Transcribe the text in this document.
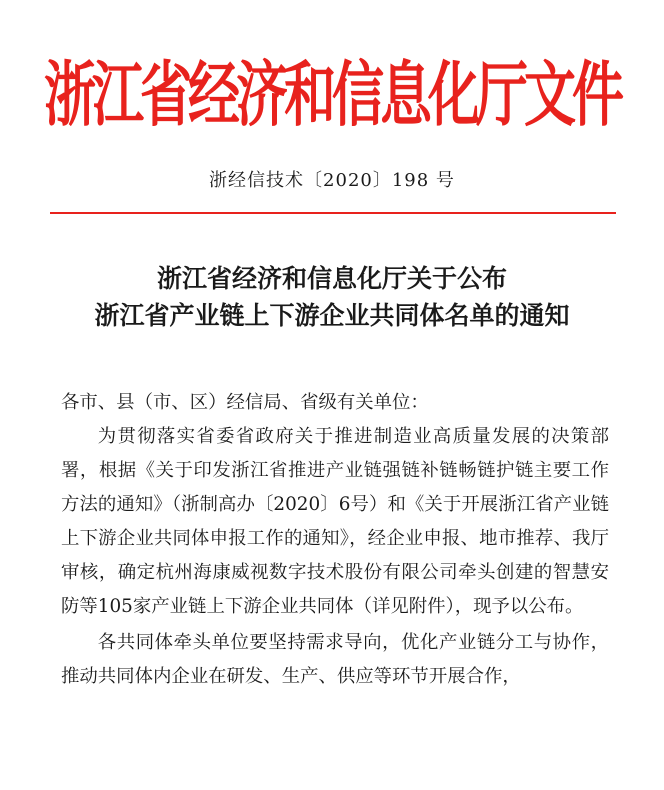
浙江省经济和信息化厅文件
浙经信技术〔2020〕198 号
浙江省经济和信息化厅关于公布
浙江省产业链上下游企业共同体名单的通知

各市、县（市、区）经信局、省级有关单位：

为贯彻落实省委省政府关于推进制造业高质量发展的决策部署，根据《关于印发浙江省推进产业链强链补链畅链护链主要工作方法的通知》（浙制高办〔2020〕6号）和《关于开展浙江省产业链上下游企业共同体申报工作的通知》，经企业申报、地市推荐、我厅审核，确定杭州海康威视数字技术股份有限公司牵头创建的智慧安防等105家产业链上下游企业共同体（详见附件），现予以公布。

各共同体牵头单位要坚持需求导向，优化产业链分工与协作，推动共同体内企业在研发、生产、供应等环节开展合作，
